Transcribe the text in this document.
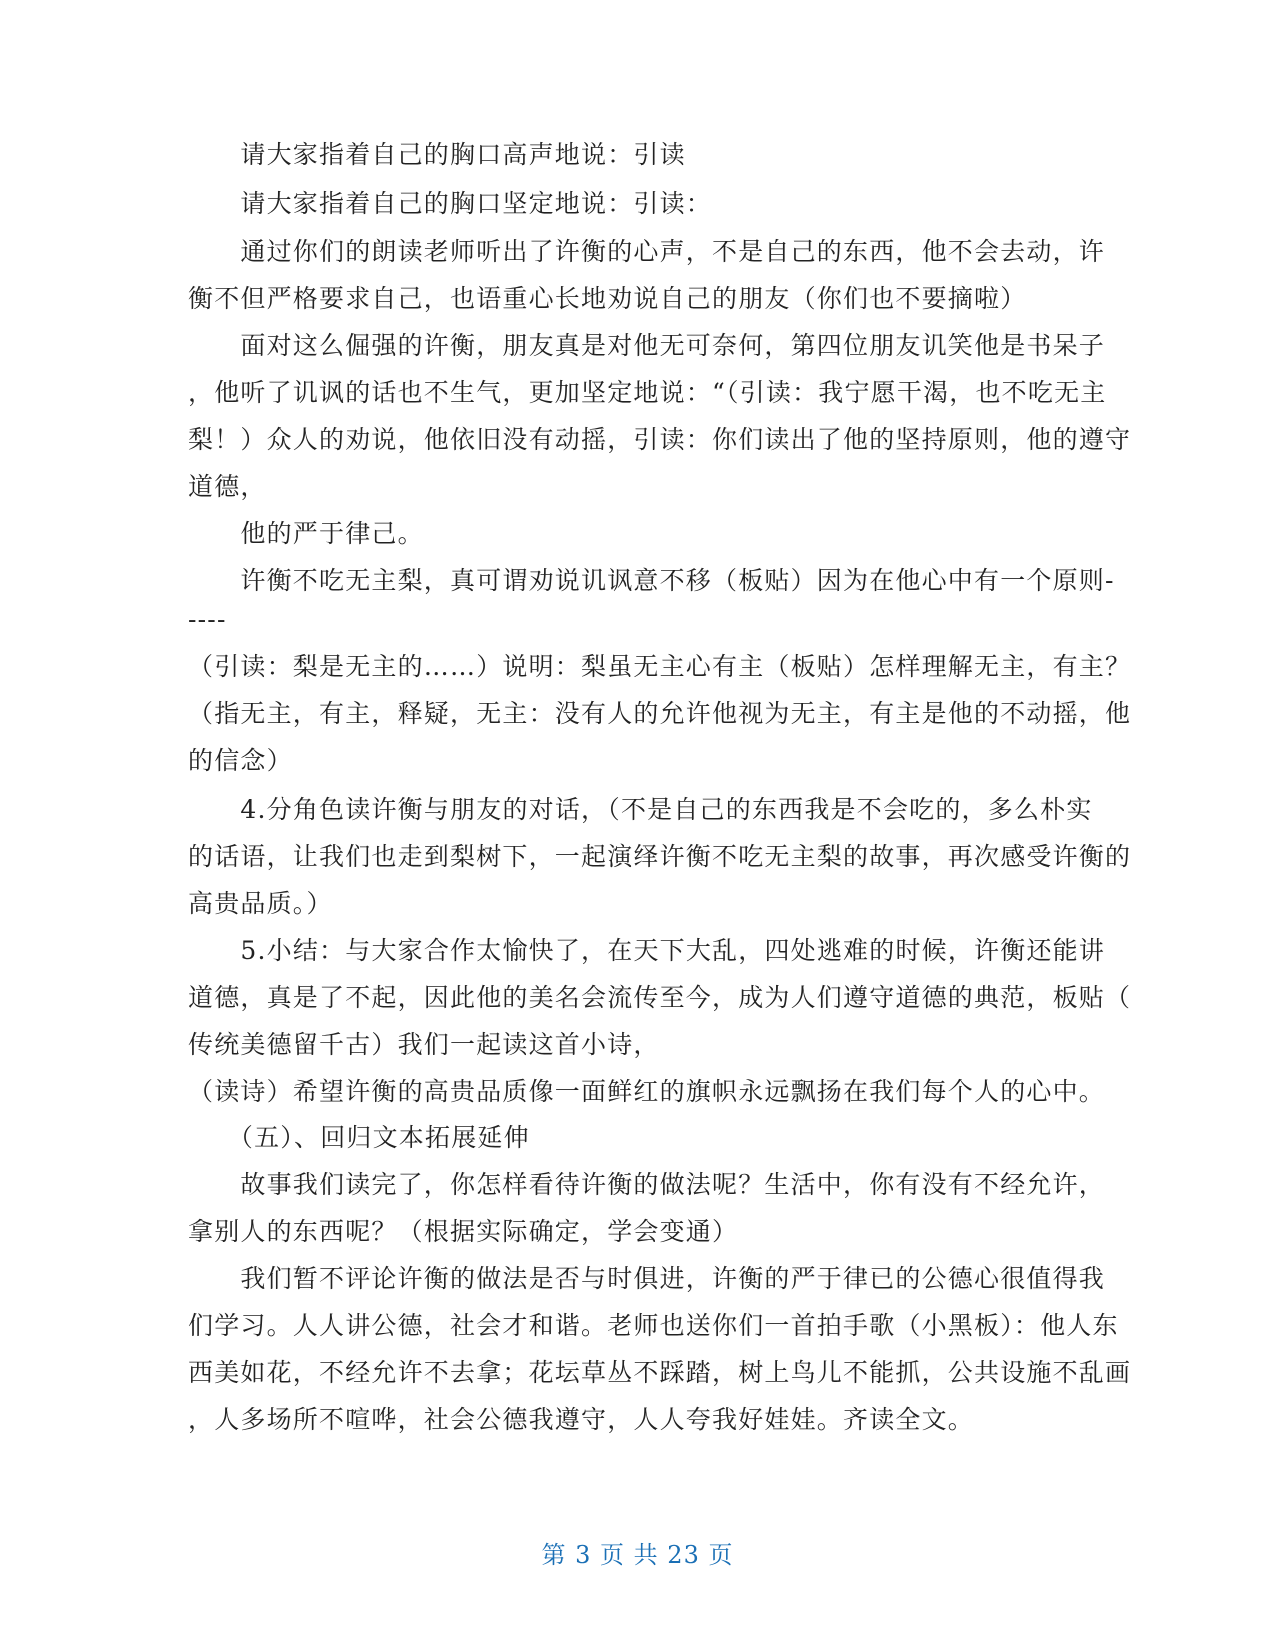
　　请大家指着自己的胸口高声地说：引读
　　请大家指着自己的胸口坚定地说：引读：
　　通过你们的朗读老师听出了许衡的心声，不是自己的东西，他不会去动，许
衡不但严格要求自己，也语重心长地劝说自己的朋友（你们也不要摘啦）
　　面对这么倔强的许衡，朋友真是对他无可奈何，第四位朋友讥笑他是书呆子
，他听了讥讽的话也不生气，更加坚定地说：“（引读：我宁愿干渴，也不吃无主
梨！）众人的劝说，他依旧没有动摇，引读：你们读出了他的坚持原则，他的遵守
道德，
　　他的严于律己。
　　许衡不吃无主梨，真可谓劝说讥讽意不移（板贴）因为在他心中有一个原则-
----
（引读：梨是无主的……）说明：梨虽无主心有主（板贴）怎样理解无主，有主？
（指无主，有主，释疑，无主：没有人的允许他视为无主，有主是他的不动摇，他
的信念）
　　4.分角色读许衡与朋友的对话，（不是自己的东西我是不会吃的，多么朴实
的话语，让我们也走到梨树下，一起演绎许衡不吃无主梨的故事，再次感受许衡的
高贵品质。）
　　5.小结：与大家合作太愉快了，在天下大乱，四处逃难的时候，许衡还能讲
道德，真是了不起，因此他的美名会流传至今，成为人们遵守道德的典范，板贴（
传统美德留千古）我们一起读这首小诗，
（读诗）希望许衡的高贵品质像一面鲜红的旗帜永远飘扬在我们每个人的心中。
　　（五）、回归文本拓展延伸
　　故事我们读完了，你怎样看待许衡的做法呢？生活中，你有没有不经允许，
拿别人的东西呢？（根据实际确定，学会变通）
　　我们暂不评论许衡的做法是否与时俱进，许衡的严于律已的公德心很值得我
们学习。人人讲公德，社会才和谐。老师也送你们一首拍手歌（小黑板）：他人东
西美如花，不经允许不去拿；花坛草丛不踩踏，树上鸟儿不能抓，公共设施不乱画
，人多场所不喧哗，社会公德我遵守，人人夸我好娃娃。齐读全文。
第 3 页 共 23 页
